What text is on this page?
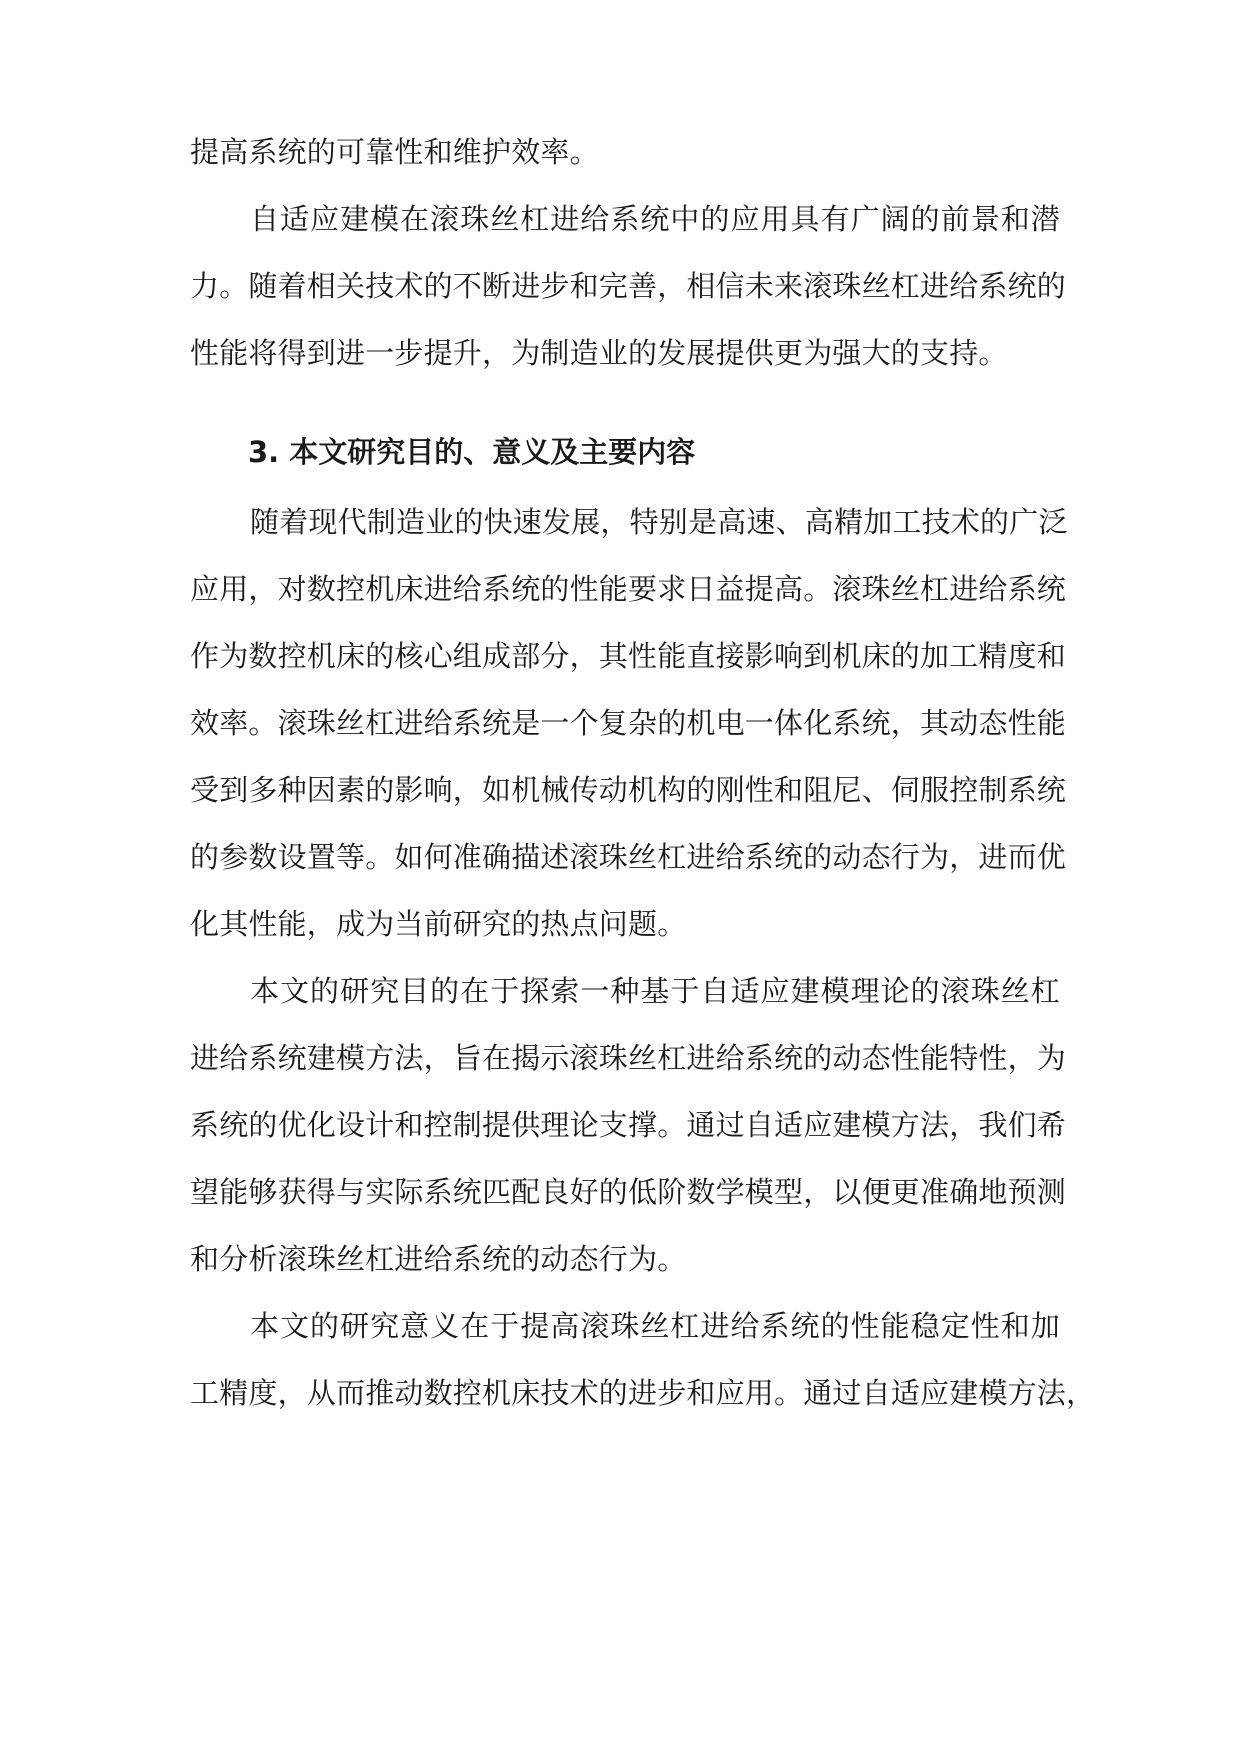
提高系统的可靠性和维护效率。
自适应建模在滚珠丝杠进给系统中的应用具有广阔的前景和潜
力。随着相关技术的不断进步和完善，相信未来滚珠丝杠进给系统的
性能将得到进一步提升，为制造业的发展提供更为强大的支持。
3. 本文研究目的、意义及主要内容
随着现代制造业的快速发展，特别是高速、高精加工技术的广泛
应用，对数控机床进给系统的性能要求日益提高。滚珠丝杠进给系统
作为数控机床的核心组成部分，其性能直接影响到机床的加工精度和
效率。滚珠丝杠进给系统是一个复杂的机电一体化系统，其动态性能
受到多种因素的影响，如机械传动机构的刚性和阻尼、伺服控制系统
的参数设置等。如何准确描述滚珠丝杠进给系统的动态行为，进而优
化其性能，成为当前研究的热点问题。
本文的研究目的在于探索一种基于自适应建模理论的滚珠丝杠
进给系统建模方法，旨在揭示滚珠丝杠进给系统的动态性能特性，为
系统的优化设计和控制提供理论支撑。通过自适应建模方法，我们希
望能够获得与实际系统匹配良好的低阶数学模型，以便更准确地预测
和分析滚珠丝杠进给系统的动态行为。
本文的研究意义在于提高滚珠丝杠进给系统的性能稳定性和加
工精度，从而推动数控机床技术的进步和应用。通过自适应建模方法，
